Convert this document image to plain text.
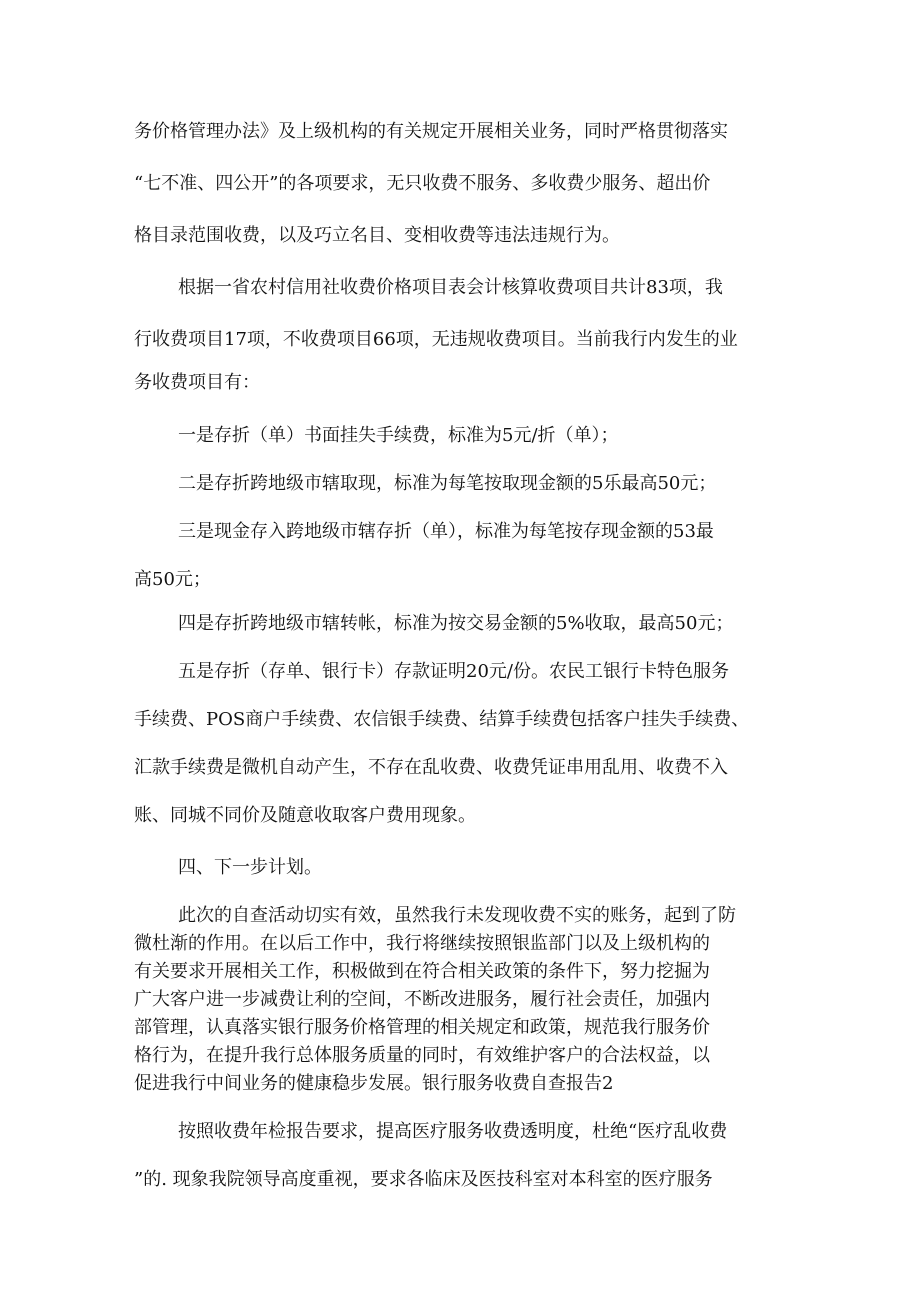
务价格管理办法》及上级机构的有关规定开展相关业务，同时严格贯彻落实
“七不准、四公开”的各项要求，无只收费不服务、多收费少服务、超出价
格目录范围收费，以及巧立名目、变相收费等违法违规行为。
根据一省农村信用社收费价格项目表会计核算收费项目共计83项，我
行收费项目17项，不收费项目66项，无违规收费项目。当前我行内发生的业
务收费项目有：
一是存折（单）书面挂失手续费，标准为5元/折（单）；
二是存折跨地级市辖取现，标准为每笔按取现金额的5乐最高50元；
三是现金存入跨地级市辖存折（单），标准为每笔按存现金额的53最
高50元；
四是存折跨地级市辖转帐，标准为按交易金额的5%收取，最高50元；
五是存折（存单、银行卡）存款证明20元/份。农民工银行卡特色服务
手续费、POS商户手续费、农信银手续费、结算手续费包括客户挂失手续费、
汇款手续费是微机自动产生，不存在乱收费、收费凭证串用乱用、收费不入
账、同城不同价及随意收取客户费用现象。
四、下一步计划。
此次的自查活动切实有效，虽然我行未发现收费不实的账务，起到了防
微杜渐的作用。在以后工作中，我行将继续按照银监部门以及上级机构的
有关要求开展相关工作，积极做到在符合相关政策的条件下，努力挖掘为
广大客户进一步减费让利的空间，不断改进服务，履行社会责任，加强内
部管理，认真落实银行服务价格管理的相关规定和政策，规范我行服务价
格行为，在提升我行总体服务质量的同时，有效维护客户的合法权益，以
促进我行中间业务的健康稳步发展。银行服务收费自查报告2
按照收费年检报告要求，提高医疗服务收费透明度，杜绝“医疗乱收费
”的. 现象我院领导高度重视，要求各临床及医技科室对本科室的医疗服务
